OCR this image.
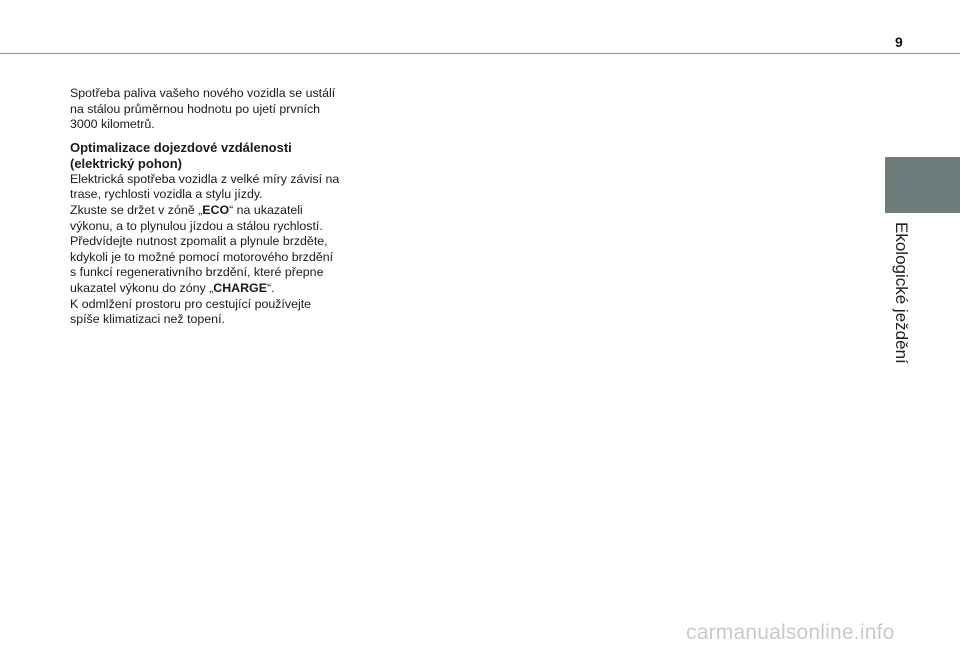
9
Ekologické ježdění

Spotřeba paliva vašeho nového vozidla se ustálí
na stálou průměrnou hodnotu po ujetí prvních
3000 kilometrů.

Optimalizace dojezdové vzdálenosti
(elektrický pohon)

Elektrická spotřeba vozidla z velké míry závisí na
trase, rychlosti vozidla a stylu jízdy.

Zkuste se držet v zóně „ECO“ na ukazateli
výkonu, a to plynulou jízdou a stálou rychlostí.

Předvídejte nutnost zpomalit a plynule brzděte,
kdykoli je to možné pomocí motorového brzdění
s funkcí regenerativního brzdění, které přepne
ukazatel výkonu do zóny „CHARGE“.

K odmlžení prostoru pro cestující používejte
spíše klimatizaci než topení.

carmanualsonline.info
